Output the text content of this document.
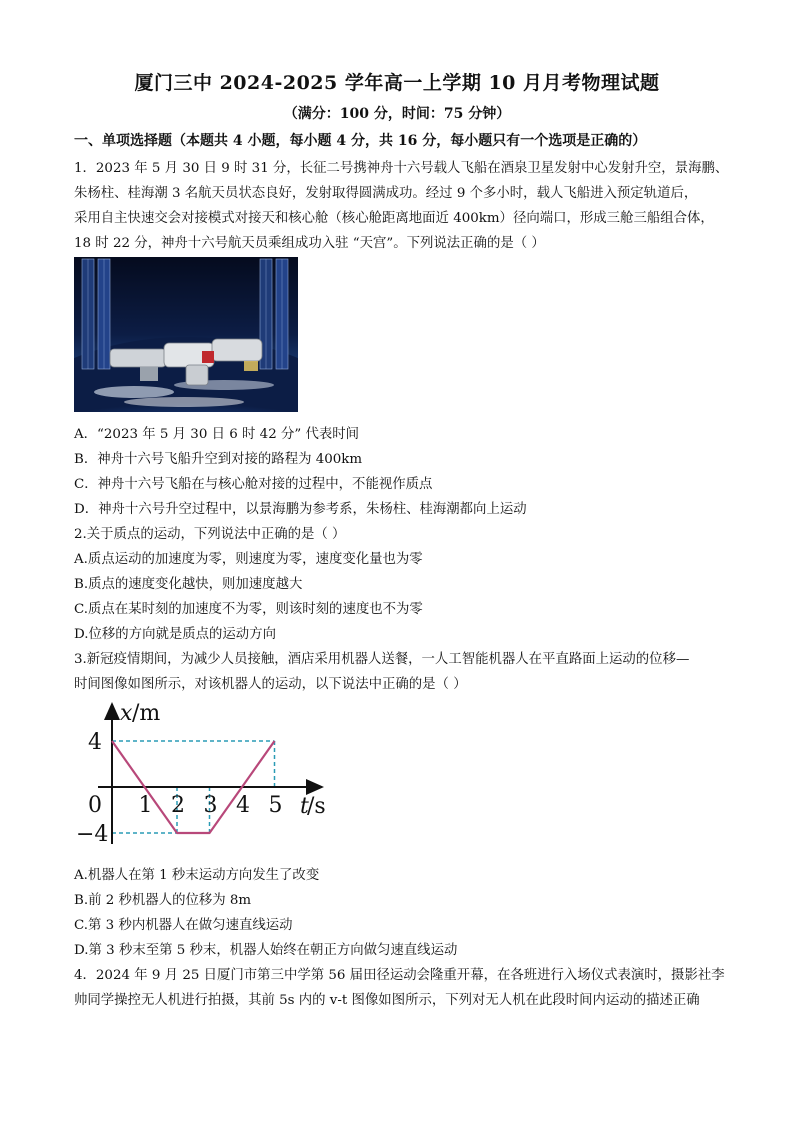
厦门三中 2024-2025 学年高一上学期 10 月月考物理试题
（满分：100 分，时间：75 分钟）
一、单项选择题（本题共 4 小题，每小题 4 分，共 16 分，每小题只有一个选项是正确的）
1．2023 年 5 月 30 日 9 时 31 分，长征二号携神舟十六号载人飞船在酒泉卫星发射中心发射升空，景海鹏、
朱杨柱、桂海潮 3 名航天员状态良好，发射取得圆满成功。经过 9 个多小时，载人飞船进入预定轨道后，
采用自主快速交会对接模式对接天和核心舱（核心舱距离地面近 400km）径向端口，形成三舱三船组合体，
18 时 22 分，神舟十六号航天员乘组成功入驻 “天宫”。下列说法正确的是（ ）
A．“2023 年 5 月 30 日 6 时 42 分” 代表时间
B．神舟十六号飞船升空到对接的路程为 400km
C．神舟十六号飞船在与核心舱对接的过程中，不能视作质点
D．神舟十六号升空过程中，以景海鹏为参考系，朱杨柱、桂海潮都向上运动
2.关于质点的运动，下列说法中正确的是（ ）
A.质点运动的加速度为零，则速度为零，速度变化量也为零
B.质点的速度变化越快，则加速度越大
C.质点在某时刻的加速度不为零，则该时刻的速度也不为零
D.位移的方向就是质点的运动方向
3.新冠疫情期间，为减少人员接触，酒店采用机器人送餐，一人工智能机器人在平直路面上运动的位移—
时间图像如图所示，对该机器人的运动，以下说法中正确的是（ ）
x /m
t
/s
0 1 2 3 4 5
4
−4
A.机器人在第 1 秒末运动方向发生了改变
B.前 2 秒机器人的位移为 8m
C.第 3 秒内机器人在做匀速直线运动
D.第 3 秒末至第 5 秒末，机器人始终在朝正方向做匀速直线运动
4．2024 年 9 月 25 日厦门市第三中学第 56 届田径运动会隆重开幕，在各班进行入场仪式表演时，摄影社李
帅同学操控无人机进行拍摄，其前 5s 内的 v-t 图像如图所示，下列对无人机在此段时间内运动的描述正确
